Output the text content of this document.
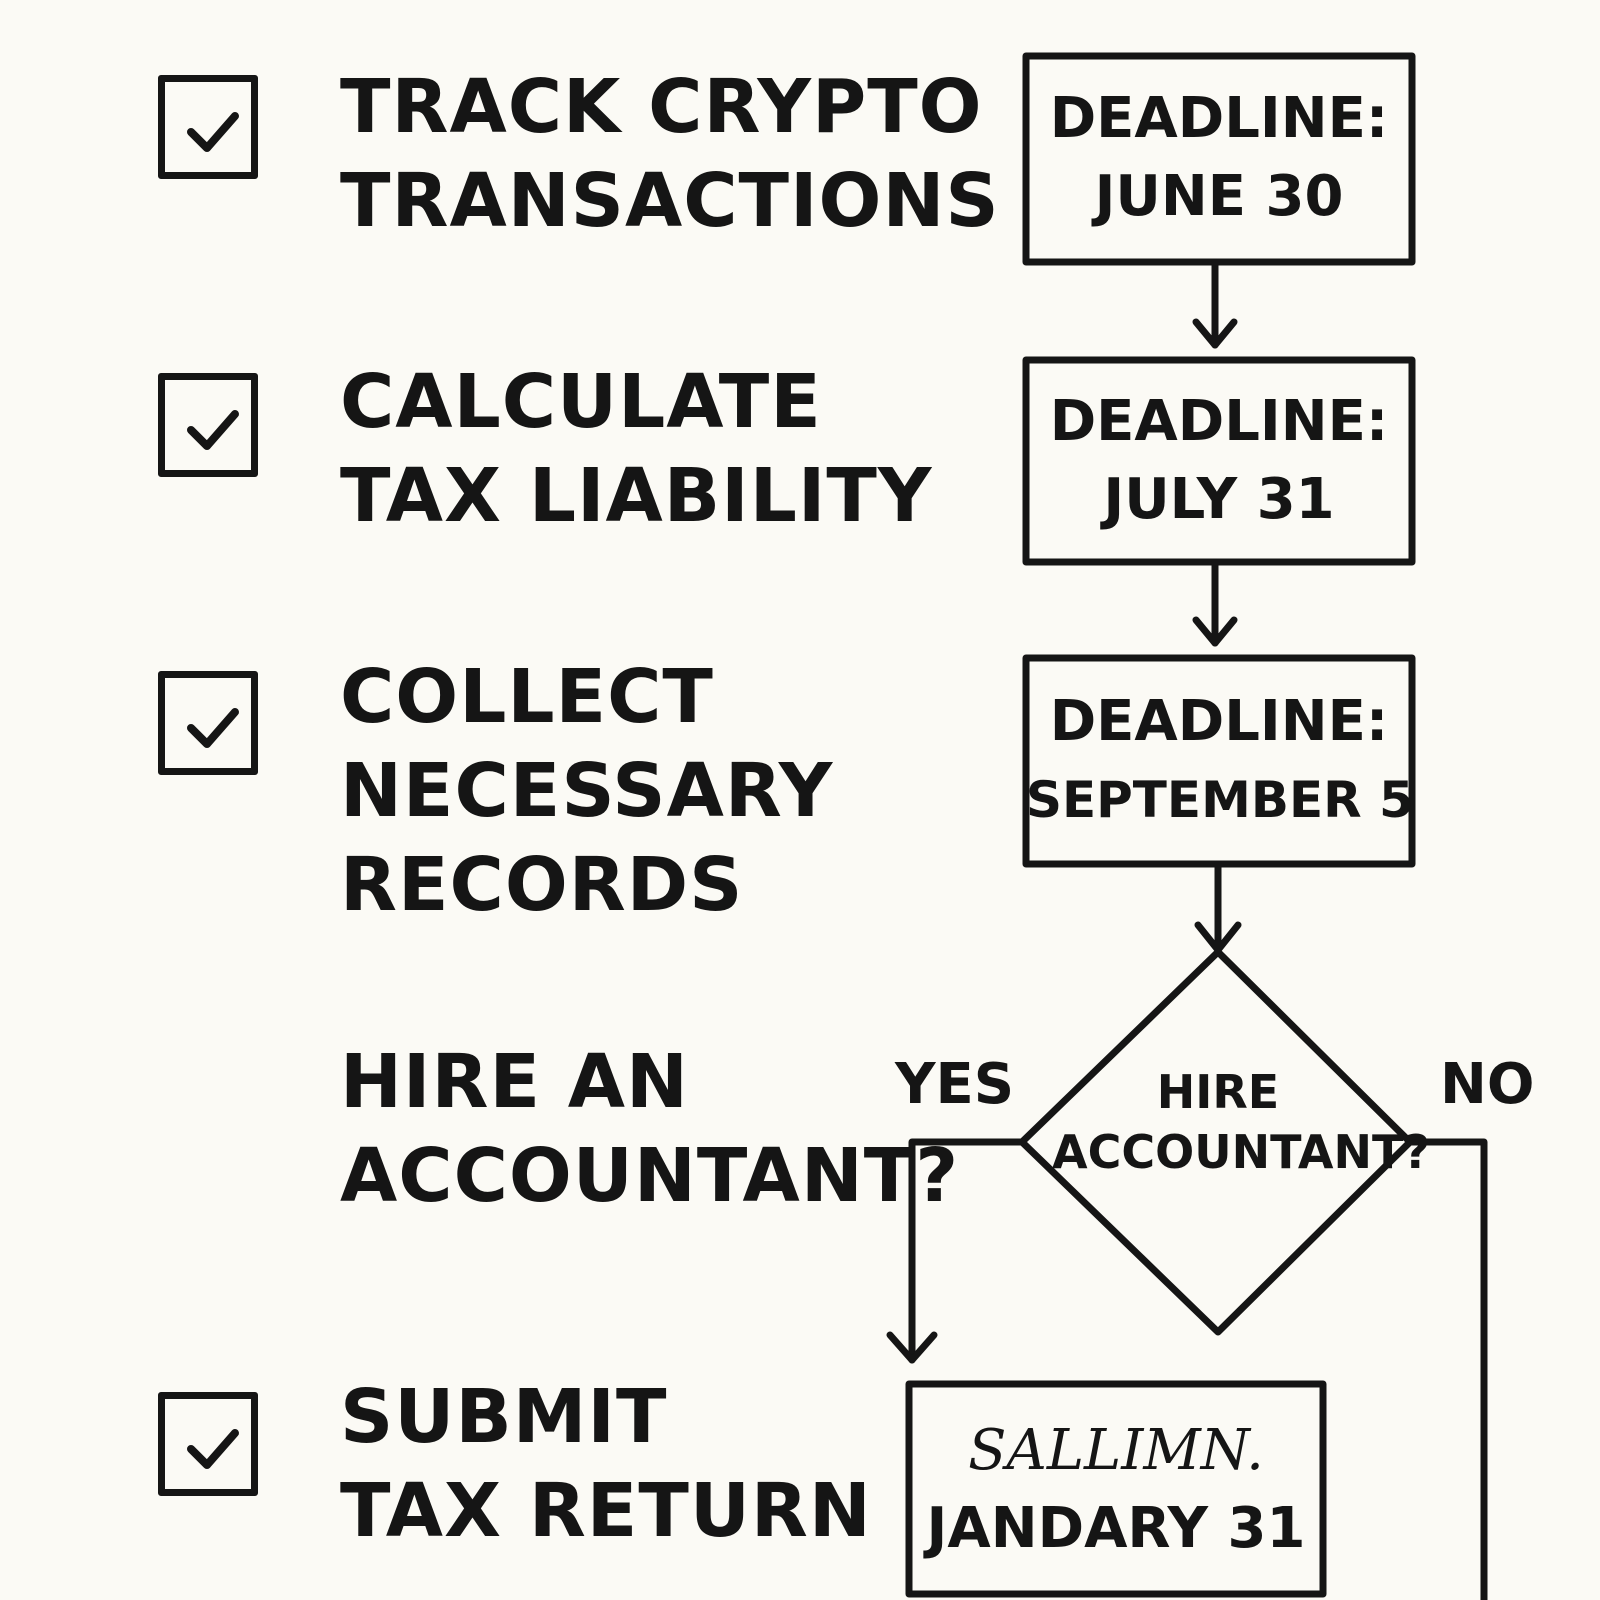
TRACK CRYPTO
TRANSACTIONS
CALCULATE
TAX LIABILITY
COLLECT
NECESSARY
RECORDS
HIRE AN
ACCOUNTANT?
SUBMIT
TAX RETURN
DEADLINE:
JUNE 30
DEADLINE:
JULY 31
DEADLINE:
SEPTEMBER 5
HIRE
ACCOUNTANT?
YES	NO
SALLIMN.
JANDARY 31
